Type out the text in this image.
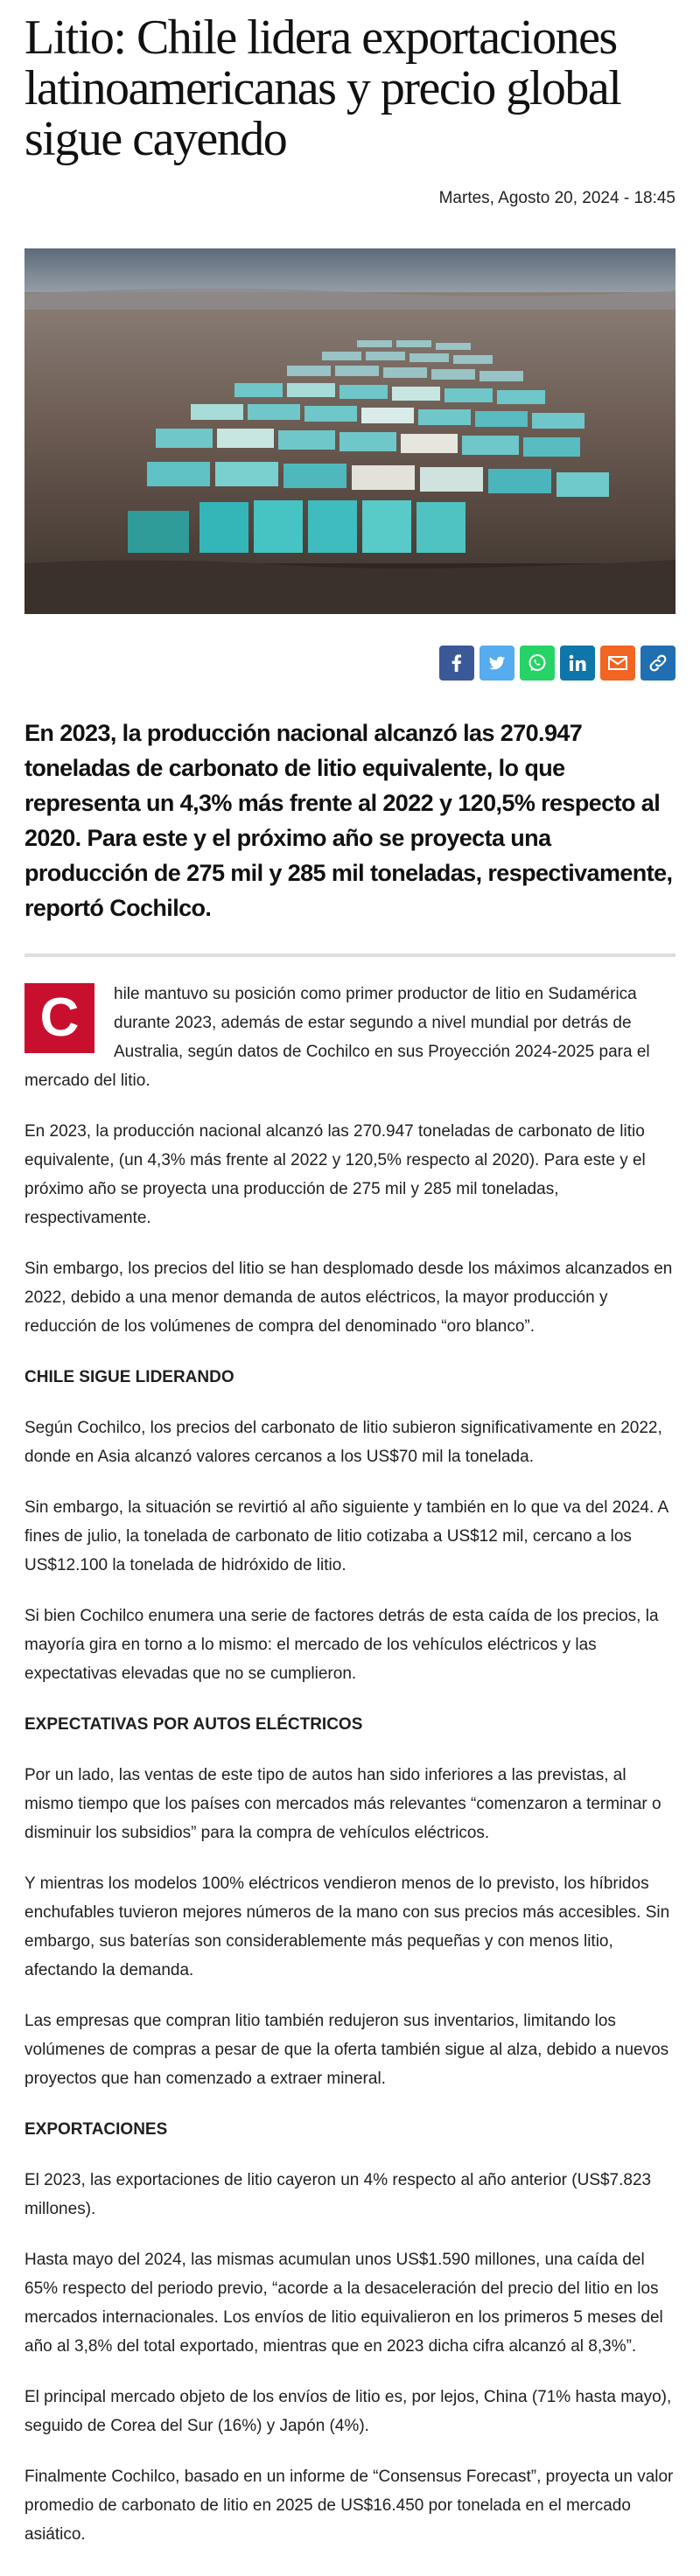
Litio: Chile lidera exportaciones latinoamericanas y precio global sigue cayendo
Martes, Agosto 20, 2024 - 18:45
En 2023, la producción nacional alcanzó las 270.947 toneladas de carbonato de litio equivalente, lo que representa un 4,3% más frente al 2022 y 120,5% respecto al 2020. Para este y el próximo año se proyecta una producción de 275 mil y 285 mil toneladas, respectivamente, reportó Cochilco.

C	hile mantuvo su posición como primer productor de litio en Sudamérica durante 2023, además de estar segundo a nivel mundial por detrás de Australia, según datos de Cochilco en sus Proyección 2024-2025 para el mercado del litio.

En 2023, la producción nacional alcanzó las 270.947 toneladas de carbonato de litio equivalente, (un 4,3% más frente al 2022 y 120,5% respecto al 2020). Para este y el próximo año se proyecta una producción de 275 mil y 285 mil toneladas, respectivamente.

Sin embargo, los precios del litio se han desplomado desde los máximos alcanzados en 2022, debido a una menor demanda de autos eléctricos, la mayor producción y reducción de los volúmenes de compra del denominado “oro blanco”.

CHILE SIGUE LIDERANDO

Según Cochilco, los precios del carbonato de litio subieron significativamente en 2022, donde en Asia alcanzó valores cercanos a los US$70 mil la tonelada.

Sin embargo, la situación se revirtió al año siguiente y también en lo que va del 2024. A fines de julio, la tonelada de carbonato de litio cotizaba a US$12 mil, cercano a los US$12.100 la tonelada de hidróxido de litio.

Si bien Cochilco enumera una serie de factores detrás de esta caída de los precios, la mayoría gira en torno a lo mismo: el mercado de los vehículos eléctricos y las expectativas elevadas que no se cumplieron.

EXPECTATIVAS POR AUTOS ELÉCTRICOS

Por un lado, las ventas de este tipo de autos han sido inferiores a las previstas, al mismo tiempo que los países con mercados más relevantes “comenzaron a terminar o disminuir los subsidios” para la compra de vehículos eléctricos.

Y mientras los modelos 100% eléctricos vendieron menos de lo previsto, los híbridos enchufables tuvieron mejores números de la mano con sus precios más accesibles. Sin embargo, sus baterías son considerablemente más pequeñas y con menos litio, afectando la demanda.

Las empresas que compran litio también redujeron sus inventarios, limitando los volúmenes de compras a pesar de que la oferta también sigue al alza, debido a nuevos proyectos que han comenzado a extraer mineral.

EXPORTACIONES

El 2023, las exportaciones de litio cayeron un 4% respecto al año anterior (US$7.823 millones).

Hasta mayo del 2024, las mismas acumulan unos US$1.590 millones, una caída del 65% respecto del periodo previo, “acorde a la desaceleración del precio del litio en los mercados internacionales. Los envíos de litio equivalieron en los primeros 5 meses del año al 3,8% del total exportado, mientras que en 2023 dicha cifra alcanzó al 8,3%”.

El principal mercado objeto de los envíos de litio es, por lejos, China (71% hasta mayo), seguido de Corea del Sur (16%) y Japón (4%).

Finalmente Cochilco, basado en un informe de “Consensus Forecast”, proyecta un valor promedio de carbonato de litio en 2025 de US$16.450 por tonelada en el mercado asiático.
